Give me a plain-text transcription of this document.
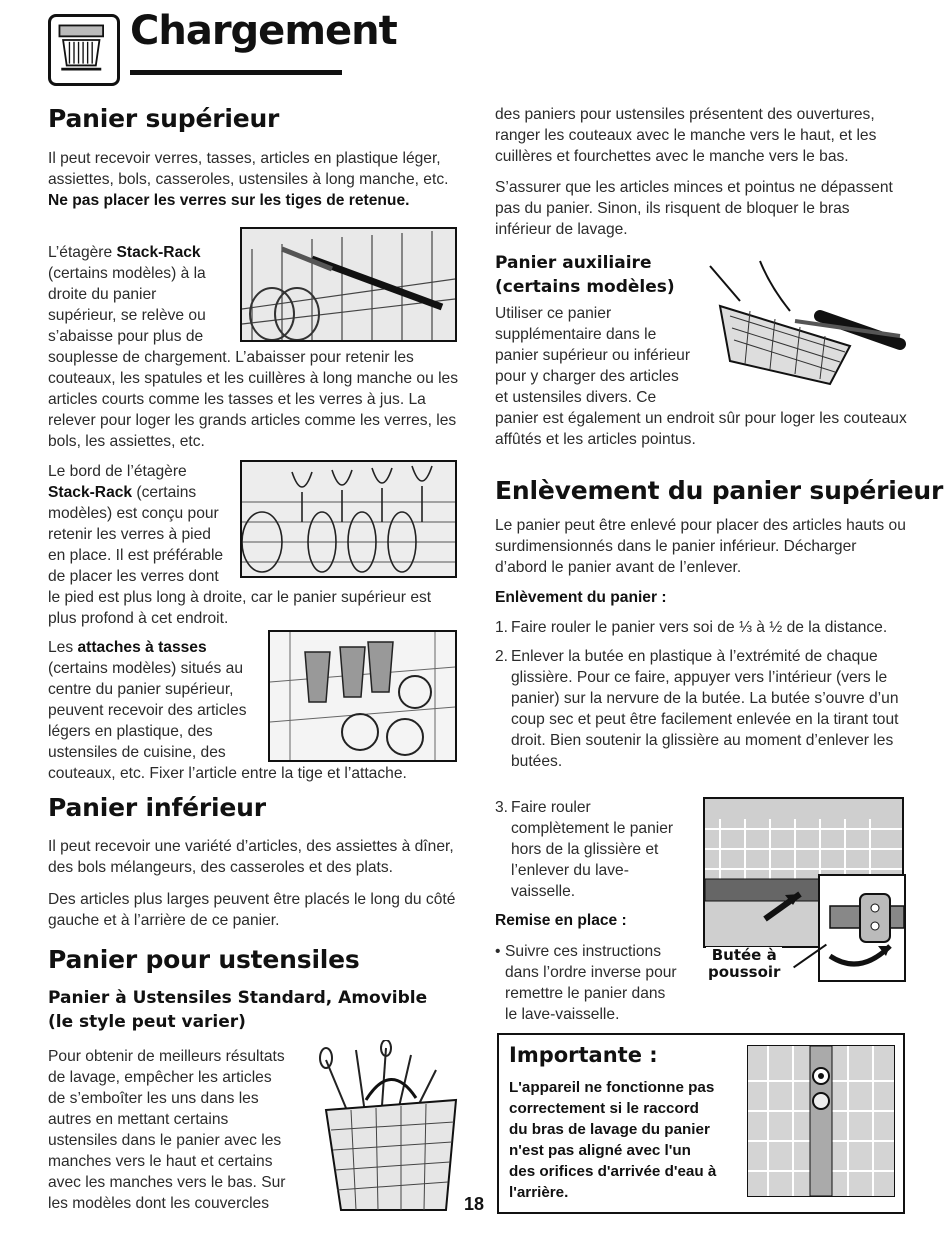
Chargement
Panier supérieur

Il peut recevoir verres, tasses, articles en plastique léger, assiettes, bols, casseroles, ustensiles à long manche, etc. Ne pas placer les verres sur les tiges de retenue.

L’étagère Stack-Rack
(certains modèles) à la
droite du panier
supérieur, se relève ou
s’abaisse pour plus de
souplesse de chargement. L’abaisser pour retenir les couteaux, les spatules et les cuillères à long manche ou les articles courts comme les tasses et les verres à jus. La relever pour loger les grands articles comme les verres, les bols, les assiettes, etc.
Le bord de l’étagère
Stack-Rack (certains
modèles) est conçu pour
retenir les verres à pied
en place. Il est préférable
de placer les verres dont
le pied est plus long à droite, car le panier supérieur est plus profond à cet endroit.
Les attaches à tasses
(certains modèles) situés au
centre du panier supérieur,
peuvent recevoir des articles
légers en plastique, des
ustensiles de cuisine, des
couteaux, etc. Fixer l’article entre la tige et l’attache.
Panier inférieur

Il peut recevoir une variété d’articles, des assiettes à dîner, des bols mélangeurs, des casseroles et des plats.

Des articles plus larges peuvent être placés le long du côté gauche et à l’arrière de ce panier.

Panier pour ustensiles
Panier à Ustensiles Standard, Amovible
(le style peut varier)
Pour obtenir de meilleurs résultats
de lavage, empêcher les articles
de s’emboîter les uns dans les
autres en mettant certains
ustensiles dans le panier avec les
manches vers le haut et certains
avec les manches vers le bas. Sur
les modèles dont les couvercles	18

des paniers pour ustensiles présentent des ouvertures, ranger les couteaux avec le manche vers le haut, et les cuillères et fourchettes avec le manche vers le bas.

S’assurer que les articles minces et pointus ne dépassent pas du panier. Sinon, ils risquent de bloquer le bras inférieur de lavage.

Panier auxiliaire
(certains modèles)
Utiliser ce panier
supplémentaire dans le
panier supérieur ou inférieur
pour y charger des articles
et ustensiles divers. Ce
panier est également un endroit sûr pour loger les couteaux affûtés et les articles pointus.
Enlèvement du panier supérieur

Le panier peut être enlevé pour placer des articles hauts ou surdimensionnés dans le panier inférieur. Décharger d’abord le panier avant de l’enlever.

Enlèvement du panier :
1. Faire rouler le panier vers soi de ⅓ à ½ de la distance.
2. Enlever la butée en plastique à l’extrémité de chaque glissière. Pour ce faire, appuyer vers l’intérieur (vers le panier) sur la nervure de la butée. La butée s’ouvre d’un coup sec et peut être facilement enlevée en la tirant tout droit. Bien soutenir la glissière au moment d’enlever les butées.
3. Faire rouler
complètement le panier
hors de la glissière et
l’enlever du lave-
vaisselle.
Remise en place :
• Suivre ces instructions
dans l’ordre inverse pour
remettre le panier dans
le lave-vaisselle.
Butée à
poussoir
Importante :
L'appareil ne fonctionne pas
correctement si le raccord
du bras de lavage du panier
n'est pas aligné avec l'un
des orifices d'arrivée d'eau à
l'arrière.
